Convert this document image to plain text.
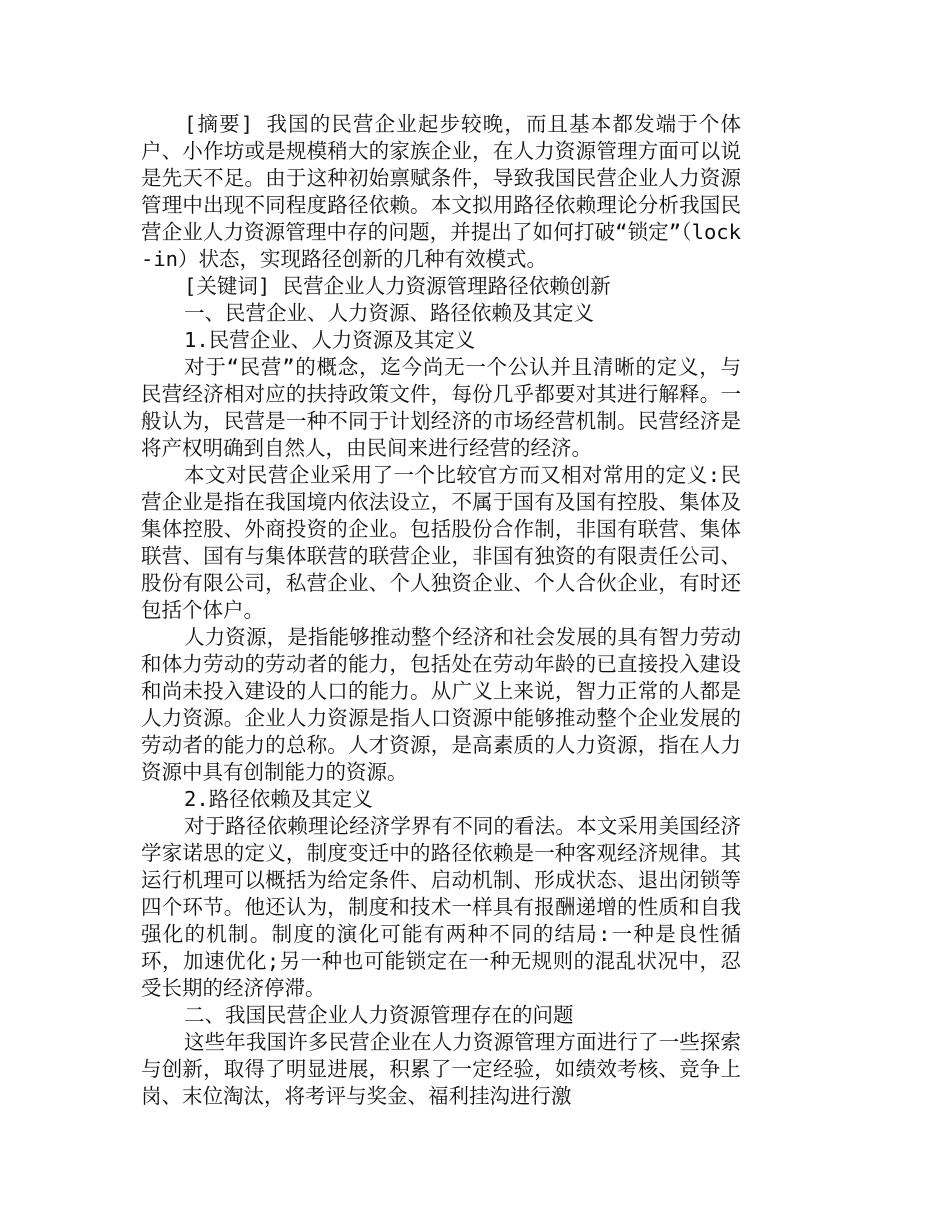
[摘要] 我国的民营企业起步较晚，而且基本都发端于个体户、小作坊或是规模稍大的家族企业，在人力资源管理方面可以说是先天不足。由于这种初始禀赋条件，导致我国民营企业人力资源管理中出现不同程度路径依赖。本文拟用路径依赖理论分析我国民营企业人力资源管理中存的问题，并提出了如何打破“锁定”（lock-in）状态，实现路径创新的几种有效模式。

[关键词] 民营企业人力资源管理路径依赖创新

一、民营企业、人力资源、路径依赖及其定义

1.民营企业、人力资源及其定义

对于“民营”的概念，迄今尚无一个公认并且清晰的定义，与民营经济相对应的扶持政策文件，每份几乎都要对其进行解释。一般认为，民营是一种不同于计划经济的市场经营机制。民营经济是将产权明确到自然人，由民间来进行经营的经济。

本文对民营企业采用了一个比较官方而又相对常用的定义:民营企业是指在我国境内依法设立，不属于国有及国有控股、集体及集体控股、外商投资的企业。包括股份合作制，非国有联营、集体联营、国有与集体联营的联营企业，非国有独资的有限责任公司、股份有限公司，私营企业、个人独资企业、个人合伙企业，有时还包括个体户。

人力资源，是指能够推动整个经济和社会发展的具有智力劳动和体力劳动的劳动者的能力，包括处在劳动年龄的已直接投入建设和尚未投入建设的人口的能力。从广义上来说，智力正常的人都是人力资源。企业人力资源是指人口资源中能够推动整个企业发展的劳动者的能力的总称。人才资源，是高素质的人力资源，指在人力资源中具有创制能力的资源。

2.路径依赖及其定义

对于路径依赖理论经济学界有不同的看法。本文采用美国经济学家诺思的定义，制度变迁中的路径依赖是一种客观经济规律。其运行机理可以概括为给定条件、启动机制、形成状态、退出闭锁等四个环节。他还认为，制度和技术一样具有报酬递增的性质和自我强化的机制。制度的演化可能有两种不同的结局:一种是良性循环，加速优化;另一种也可能锁定在一种无规则的混乱状况中，忍受长期的经济停滞。

二、我国民营企业人力资源管理存在的问题

这些年我国许多民营企业在人力资源管理方面进行了一些探索与创新，取得了明显进展，积累了一定经验，如绩效考核、竞争上岗、末位淘汰，将考评与奖金、福利挂沟进行激
